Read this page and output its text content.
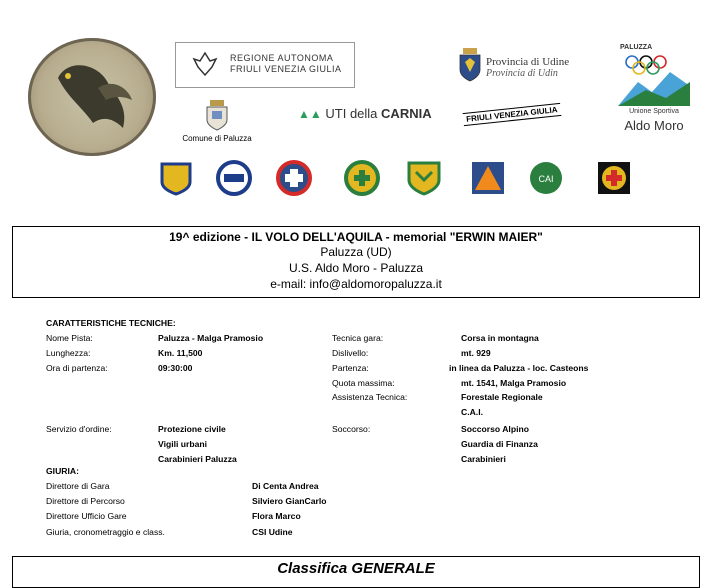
REGIONE AUTONOMA
FRIULI VENEZIA GIULIA
Comune di Paluzza
▲▲ UTI della CARNIA	FRIULI VENEZIA GIULIA
Provincia di Udine
Provincia di Udin
PALUZZA
Unione Sportiva
Aldo Moro
CAI
19^ edizione - IL VOLO DELL'AQUILA - memorial "ERWIN MAIER"
Paluzza (UD)
U.S. Aldo Moro - Paluzza
e-mail: info@aldomoropaluzza.it
CARATTERISTICHE TECNICHE:
Nome Pista:	Paluzza - Malga Pramosio
Lunghezza:	Km. 11,500
Ora di partenza:	09:30:00
Tecnica gara:	Corsa in montagna
Dislivello:	mt. 929
Partenza:	in linea da Paluzza - loc. Casteons
Quota massima:	mt. 1541, Malga Pramosio
Assistenza Tecnica:	Forestale Regionale
C.A.I.
Servizio d'ordine:	Protezione civile
Vigili urbani
Carabinieri Paluzza
Soccorso:	Soccorso Alpino
Guardia di Finanza
Carabinieri
GIURIA:
Direttore di Gara	Di Centa Andrea
Direttore di Percorso	Silviero GianCarlo
Direttore Ufficio Gare	Flora Marco
Giuria, cronometraggio e class.	CSI Udine
Classifica GENERALE
